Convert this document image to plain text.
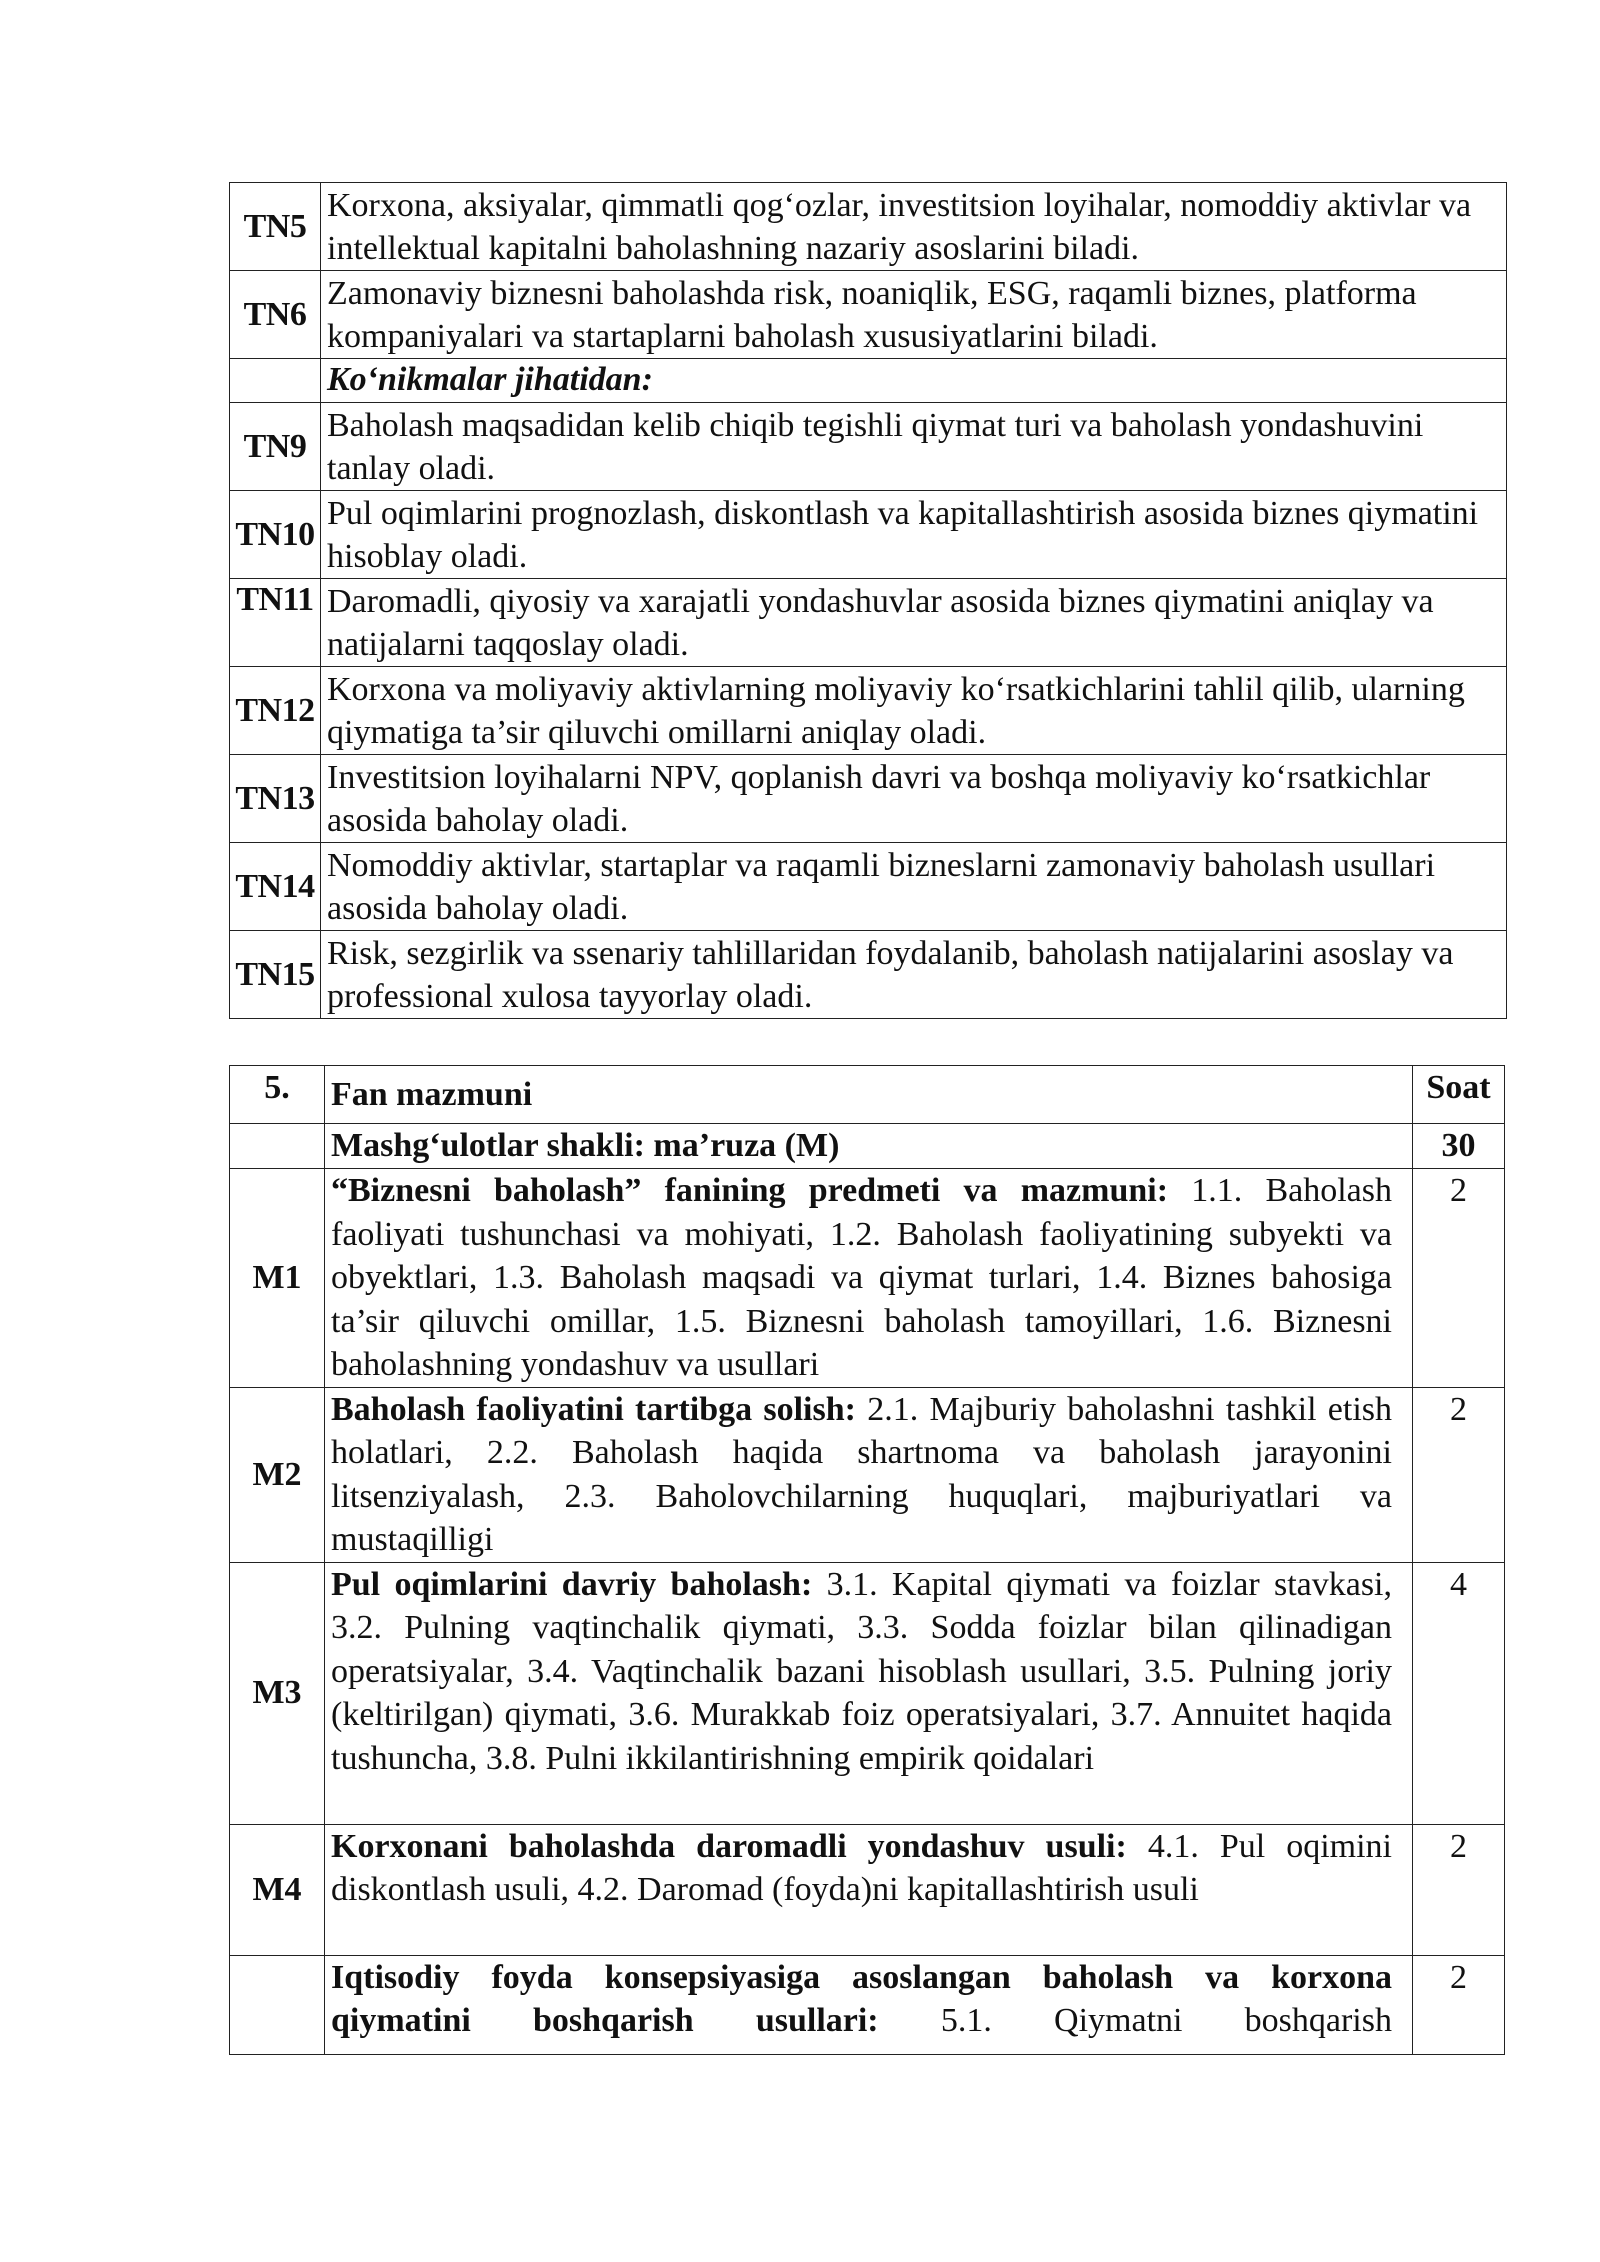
TN5	Korxona, aksiyalar, qimmatli qog‘ozlar, investitsion loyihalar, nomoddiy aktivlar va intellektual kapitalni baholashning nazariy asoslarini biladi.
TN6	Zamonaviy biznesni baholashda risk, noaniqlik, ESG, raqamli biznes, platforma kompaniyalari va startaplarni baholash xususiyatlarini biladi.
	Ko‘nikmalar jihatidan:
TN9	Baholash maqsadidan kelib chiqib tegishli qiymat turi va baholash yondashuvini tanlay oladi.
TN10	Pul oqimlarini prognozlash, diskontlash va kapitallashtirish asosida biznes qiymatini hisoblay oladi.
TN11	Daromadli, qiyosiy va xarajatli yondashuvlar asosida biznes qiymatini aniqlay va natijalarni taqqoslay oladi.
TN12	Korxona va moliyaviy aktivlarning moliyaviy ko‘rsatkichlarini tahlil qilib, ularning qiymatiga ta’sir qiluvchi omillarni aniqlay oladi.
TN13	Investitsion loyihalarni NPV, qoplanish davri va boshqa moliyaviy ko‘rsatkichlar asosida baholay oladi.
TN14	Nomoddiy aktivlar, startaplar va raqamli bizneslarni zamonaviy baholash usullari asosida baholay oladi.
TN15	Risk, sezgirlik va ssenariy tahlillaridan foydalanib, baholash natijalarini asoslay va professional xulosa tayyorlay oladi.
5.	Fan mazmuni	Soat
	Mashg‘ulotlar shakli: ma’ruza (M)	30
M1	“Biznesni baholash” fanining predmeti va mazmuni: 1.1. Baholash faoliyati tushunchasi va mohiyati, 1.2. Baholash faoliyatining subyekti va obyektlari, 1.3. Baholash maqsadi va qiymat turlari, 1.4. Biznes bahosiga ta’sir qiluvchi omillar, 1.5. Biznesni baholash tamoyillari, 1.6. Biznesni baholashning yondashuv va usullari	2
M2	Baholash faoliyatini tartibga solish: 2.1. Majburiy baholashni tashkil etish holatlari, 2.2. Baholash haqida shartnoma va baholash jarayonini litsenziyalash, 2.3. Baholovchilarning huquqlari, majburiyatlari va mustaqilligi	2
M3	Pul oqimlarini davriy baholash: 3.1. Kapital qiymati va foizlar stavkasi, 3.2. Pulning vaqtinchalik qiymati, 3.3. Sodda foizlar bilan qilinadigan operatsiyalar, 3.4. Vaqtinchalik bazani hisoblash usullari, 3.5. Pulning joriy (keltirilgan) qiymati, 3.6. Murakkab foiz operatsiyalari, 3.7. Annuitet haqida tushuncha, 3.8. Pulni ikkilantirishning empirik qoidalari	4
M4	Korxonani baholashda daromadli yondashuv usuli: 4.1. Pul oqimini diskontlash usuli, 4.2. Daromad (foyda)ni kapitallashtirish usuli	2

	Iqtisodiy foyda konsepsiyasiga asoslangan baholash va korxona qiymatini boshqarish usullari: 5.1. Qiymatni boshqarish	2
